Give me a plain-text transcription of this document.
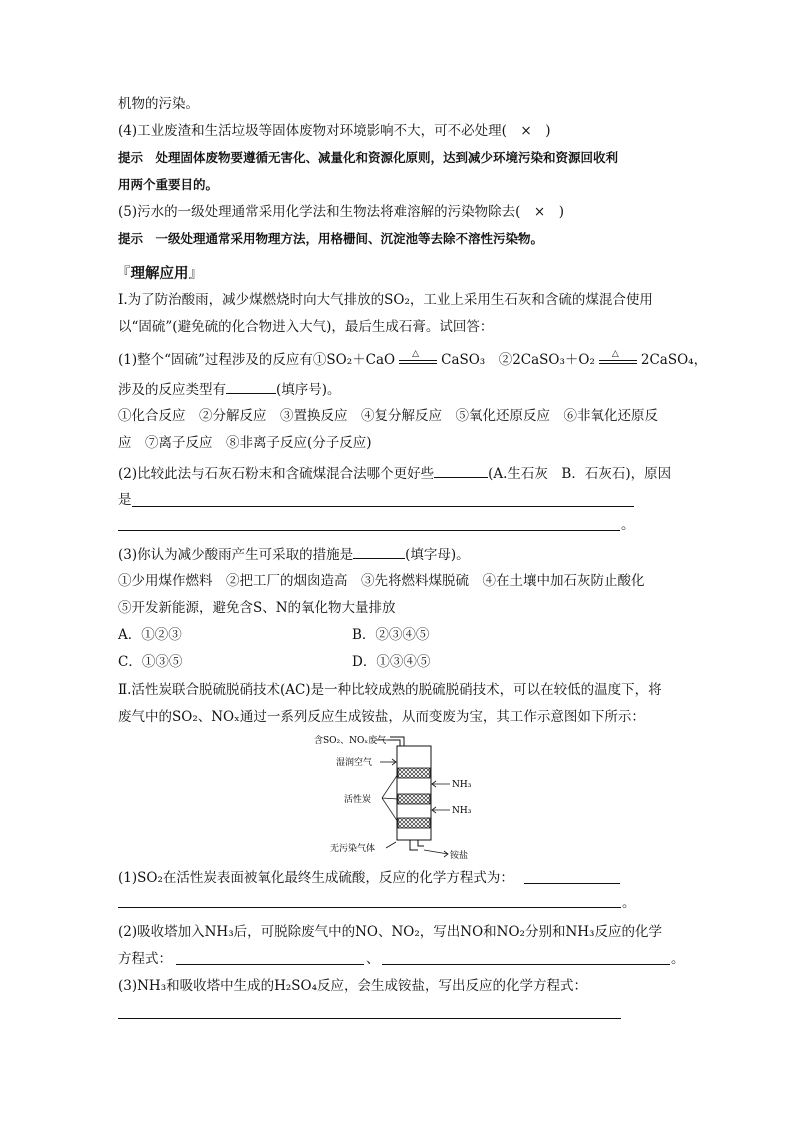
机物的污染。
(4)工业废渣和生活垃圾等固体废物对环境影响不大，可不必处理(　×　)
提示　处理固体废物要遵循无害化、减量化和资源化原则，达到减少环境污染和资源回收利
用两个重要目的。
(5)污水的一级处理通常采用化学法和生物法将难溶解的污染物除去(　×　)
提示　一级处理通常采用物理方法，用格栅间、沉淀池等去除不溶性污染物。
『理解应用』
Ⅰ.为了防治酸雨，减少煤燃烧时向大气排放的SO₂，工业上采用生石灰和含硫的煤混合使用
以“固硫”(避免硫的化合物进入大气)，最后生成石膏。试回答：
(1)整个“固硫”过程涉及的反应有①SO₂＋CaO △ CaSO₃　②2CaSO₃＋O₂ △ 2CaSO₄，
涉及的反应类型有	(填序号)。
①化合反应　②分解反应　③置换反应　④复分解反应　⑤氧化还原反应　⑥非氧化还原反
应　⑦离子反应　⑧非离子反应(分子反应)
(2)比较此法与石灰石粉末和含硫煤混合法哪个更好些	(A.生石灰　B．石灰石)，原因
是
。
(3)你认为减少酸雨产生可采取的措施是	(填字母)。
①少用煤作燃料　②把工厂的烟囱造高　③先将燃料煤脱硫　④在土壤中加石灰防止酸化
⑤开发新能源，避免含S、N的氧化物大量排放
A．①②③	B．②③④⑤
C．①③⑤	D．①③④⑤
Ⅱ.活性炭联合脱硫脱硝技术(AC)是一种比较成熟的脱硫脱硝技术，可以在较低的温度下，将
废气中的SO₂、NOₓ通过一系列反应生成铵盐，从而变废为宝，其工作示意图如下所示：
含SO₂、NOₓ废气
湿润空气
活性炭
NH₃
NH₃
无污染气体
铵盐
(1)SO₂在活性炭表面被氧化最终生成硫酸，反应的化学方程式为：
。
(2)吸收塔加入NH₃后，可脱除废气中的NO、NO₂，写出NO和NO₂分别和NH₃反应的化学
方程式：	、	。
(3)NH₃和吸收塔中生成的H₂SO₄反应，会生成铵盐，写出反应的化学方程式：
